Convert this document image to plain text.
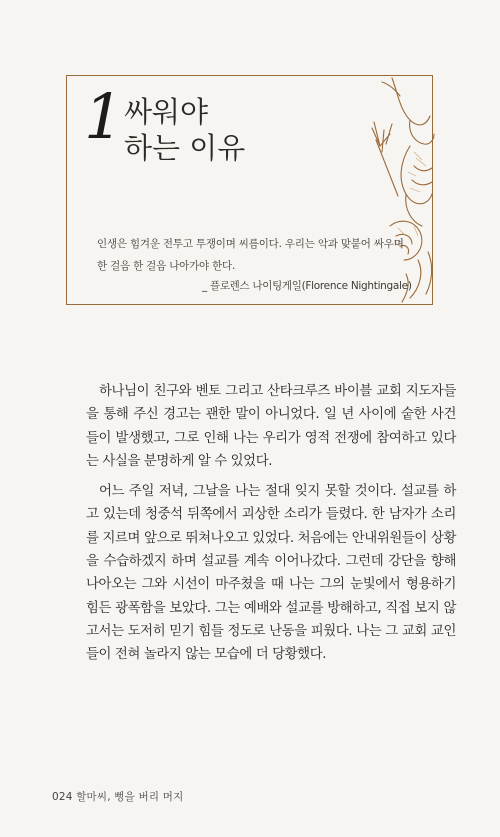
1 싸워야
하는 이유
인생은 힘겨운 전투고 투쟁이며 씨름이다. 우리는 악과 맞붙어 싸우며 한 걸음 한 걸음 나아가야 한다.
_ 플로렌스 나이팅게일(Florence Nightingale)

하나님이 친구와 벤토 그리고 산타크루즈 바이블 교회 지도자들을 통해 주신 경고는 괜한 말이 아니었다. 일 년 사이에 숱한 사건들이 발생했고, 그로 인해 나는 우리가 영적 전쟁에 참여하고 있다는 사실을 분명하게 알 수 있었다.

어느 주일 저녁, 그날을 나는 절대 잊지 못할 것이다. 설교를 하고 있는데 청중석 뒤쪽에서 괴상한 소리가 들렸다. 한 남자가 소리를 지르며 앞으로 뛰쳐나오고 있었다. 처음에는 안내위원들이 상황을 수습하겠지 하며 설교를 계속 이어나갔다. 그런데 강단을 향해 나아오는 그와 시선이 마주쳤을 때 나는 그의 눈빛에서 형용하기 힘든 광폭함을 보았다. 그는 예배와 설교를 방해하고, 직접 보지 않고서는 도저히 믿기 힘들 정도로 난동을 피웠다. 나는 그 교회 교인들이 전혀 놀라지 않는 모습에 더 당황했다.

024 할마씨, 뻥을 버리 머지
